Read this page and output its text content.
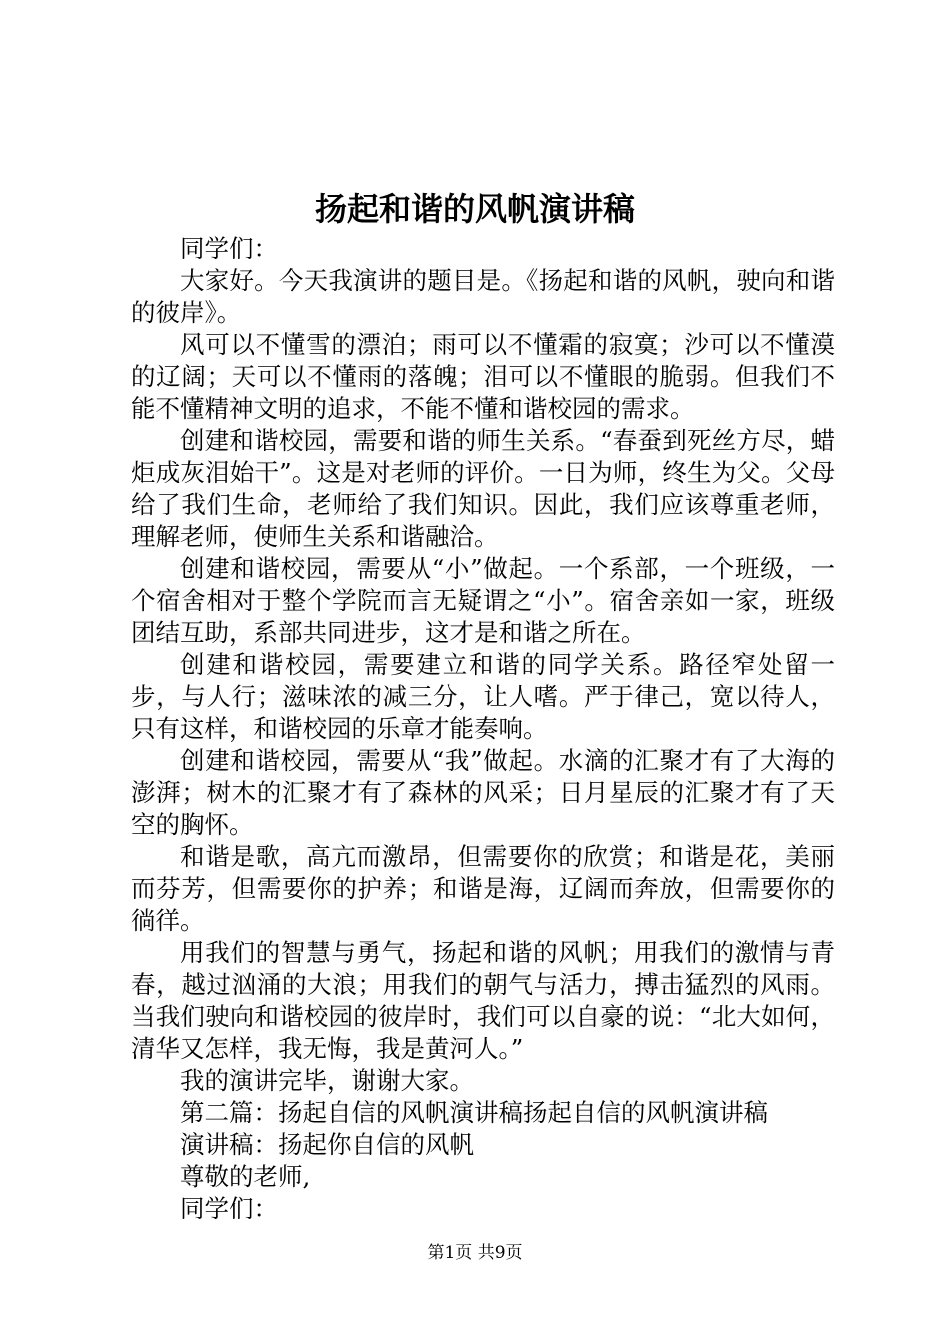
扬起和谐的风帆演讲稿

同学们：

大家好。今天我演讲的题目是。《扬起和谐的风帆，驶向和谐的彼岸》。

风可以不懂雪的漂泊；雨可以不懂霜的寂寞；沙可以不懂漠的辽阔；天可以不懂雨的落魄；泪可以不懂眼的脆弱。但我们不能不懂精神文明的追求，不能不懂和谐校园的需求。

创建和谐校园，需要和谐的师生关系。“春蚕到死丝方尽，蜡炬成灰泪始干”。这是对老师的评价。一日为师，终生为父。父母给了我们生命，老师给了我们知识。因此，我们应该尊重老师，理解老师，使师生关系和谐融洽。

创建和谐校园，需要从“小”做起。一个系部，一个班级，一个宿舍相对于整个学院而言无疑谓之“小”。宿舍亲如一家，班级团结互助，系部共同进步，这才是和谐之所在。

创建和谐校园，需要建立和谐的同学关系。路径窄处留一步，与人行；滋味浓的减三分，让人嗜。严于律己，宽以待人，只有这样，和谐校园的乐章才能奏响。

创建和谐校园，需要从“我”做起。水滴的汇聚才有了大海的澎湃；树木的汇聚才有了森林的风采；日月星辰的汇聚才有了天空的胸怀。

和谐是歌，高亢而激昂，但需要你的欣赏；和谐是花，美丽而芬芳，但需要你的护养；和谐是海，辽阔而奔放，但需要你的徜徉。

用我们的智慧与勇气，扬起和谐的风帆；用我们的激情与青春，越过汹涌的大浪；用我们的朝气与活力，搏击猛烈的风雨。当我们驶向和谐校园的彼岸时，我们可以自豪的说：“北大如何，清华又怎样，我无悔，我是黄河人。”

我的演讲完毕，谢谢大家。

第二篇：扬起自信的风帆演讲稿扬起自信的风帆演讲稿

演讲稿：扬起你自信的风帆

尊敬的老师,

同学们：

第1页 共9页
